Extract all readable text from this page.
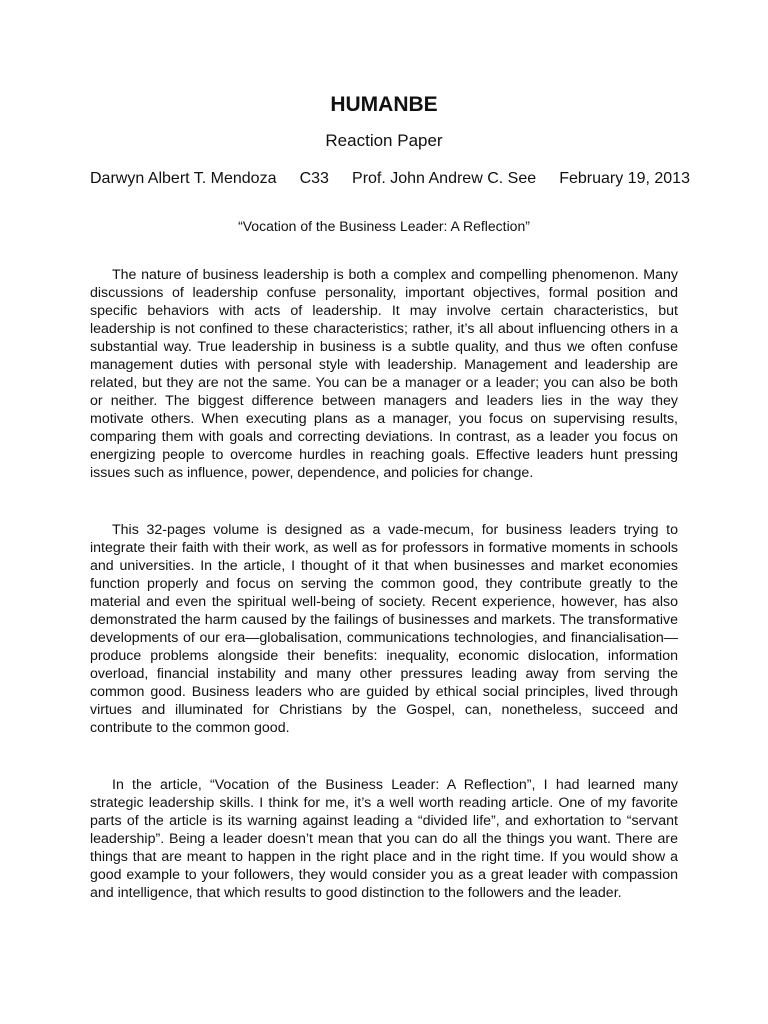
HUMANBE
Reaction Paper
Darwyn Albert T. Mendoza C33 Prof. John Andrew C. See February 19, 2013
“Vocation of the Business Leader: A Reflection”

The nature of business leadership is both a complex and compelling phenomenon. Many discussions of leadership confuse personality, important objectives, formal position and specific behaviors with acts of leadership. It may involve certain characteristics, but leadership is not confined to these characteristics; rather, it’s all about influencing others in a substantial way. True leadership in business is a subtle quality, and thus we often confuse management duties with personal style with leadership. Management and leadership are related, but they are not the same. You can be a manager or a leader; you can also be both or neither. The biggest difference between managers and leaders lies in the way they motivate others. When executing plans as a manager, you focus on supervising results, comparing them with goals and correcting deviations. In contrast, as a leader you focus on energizing people to overcome hurdles in reaching goals. Effective leaders hunt pressing issues such as influence, power, dependence, and policies for change.

This 32-pages volume is designed as a vade-mecum, for business leaders trying to integrate their faith with their work, as well as for professors in formative moments in schools and universities. In the article, I thought of it that when businesses and market economies function properly and focus on serving the common good, they contribute greatly to the material and even the spiritual well-being of society. Recent experience, however, has also demonstrated the harm caused by the failings of businesses and markets. The transformative developments of our era—globalisation, communications technologies, and financialisation—produce problems alongside their benefits: inequality, economic dislocation, information overload, financial instability and many other pressures leading away from serving the common good. Business leaders who are guided by ethical social principles, lived through virtues and illuminated for Christians by the Gospel, can, nonetheless, succeed and contribute to the common good.

In the article, “Vocation of the Business Leader: A Reflection”, I had learned many strategic leadership skills. I think for me, it’s a well worth reading article. One of my favorite parts of the article is its warning against leading a “divided life”, and exhortation to “servant leadership”. Being a leader doesn’t mean that you can do all the things you want. There are things that are meant to happen in the right place and in the right time. If you would show a good example to your followers, they would consider you as a great leader with compassion and intelligence, that which results to good distinction to the followers and the leader.
